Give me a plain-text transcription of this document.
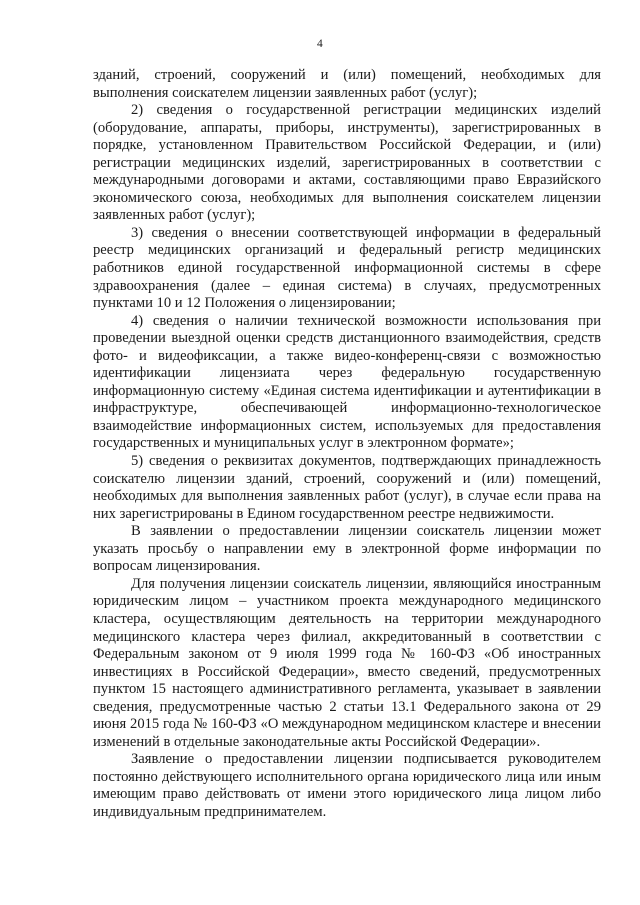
4

зданий, строений, сооружений и (или) помещений, необходимых для выполнения соискателем лицензии заявленных работ (услуг);

2) сведения о государственной регистрации медицинских изделий (оборудование, аппараты, приборы, инструменты), зарегистрированных в порядке, установленном Правительством Российской Федерации, и (или) регистрации медицинских изделий, зарегистрированных в соответствии с международными договорами и актами, составляющими право Евразийского экономического союза, необходимых для выполнения соискателем лицензии заявленных работ (услуг);

3) сведения о внесении соответствующей информации в федеральный реестр медицинских организаций и федеральный регистр медицинских работников единой государственной информационной системы в сфере здравоохранения (далее – единая система) в случаях, предусмотренных пунктами 10 и 12 Положения о лицензировании;

4) сведения о наличии технической возможности использования при проведении выездной оценки средств дистанционного взаимодействия, средств фото- и видеофиксации, а также видео-конференц-связи с возможностью идентификации лицензиата через федеральную государственную информационную систему «Единая система идентификации и аутентификации в инфраструктуре, обеспечивающей информационно-технологическое взаимодействие информационных систем, используемых для предоставления государственных и муниципальных услуг в электронном формате»;

5) сведения о реквизитах документов, подтверждающих принадлежность соискателю лицензии зданий, строений, сооружений и (или) помещений, необходимых для выполнения заявленных работ (услуг), в случае если права на них зарегистрированы в Едином государственном реестре недвижимости.

В заявлении о предоставлении лицензии соискатель лицензии может указать просьбу о направлении ему в электронной форме информации по вопросам лицензирования.

Для получения лицензии соискатель лицензии, являющийся иностранным юридическим лицом – участником проекта международного медицинского кластера, осуществляющим деятельность на территории международного медицинского кластера через филиал, аккредитованный в соответствии с Федеральным законом от 9 июля 1999 года № 160-ФЗ «Об иностранных инвестициях в Российской Федерации», вместо сведений, предусмотренных пунктом 15 настоящего административного регламента, указывает в заявлении сведения, предусмотренные частью 2 статьи 13.1 Федерального закона от 29 июня 2015 года № 160-ФЗ «О международном медицинском кластере и внесении изменений в отдельные законодательные акты Российской Федерации».

Заявление о предоставлении лицензии подписывается руководителем постоянно действующего исполнительного органа юридического лица или иным имеющим право действовать от имени этого юридического лица лицом либо индивидуальным предпринимателем.
